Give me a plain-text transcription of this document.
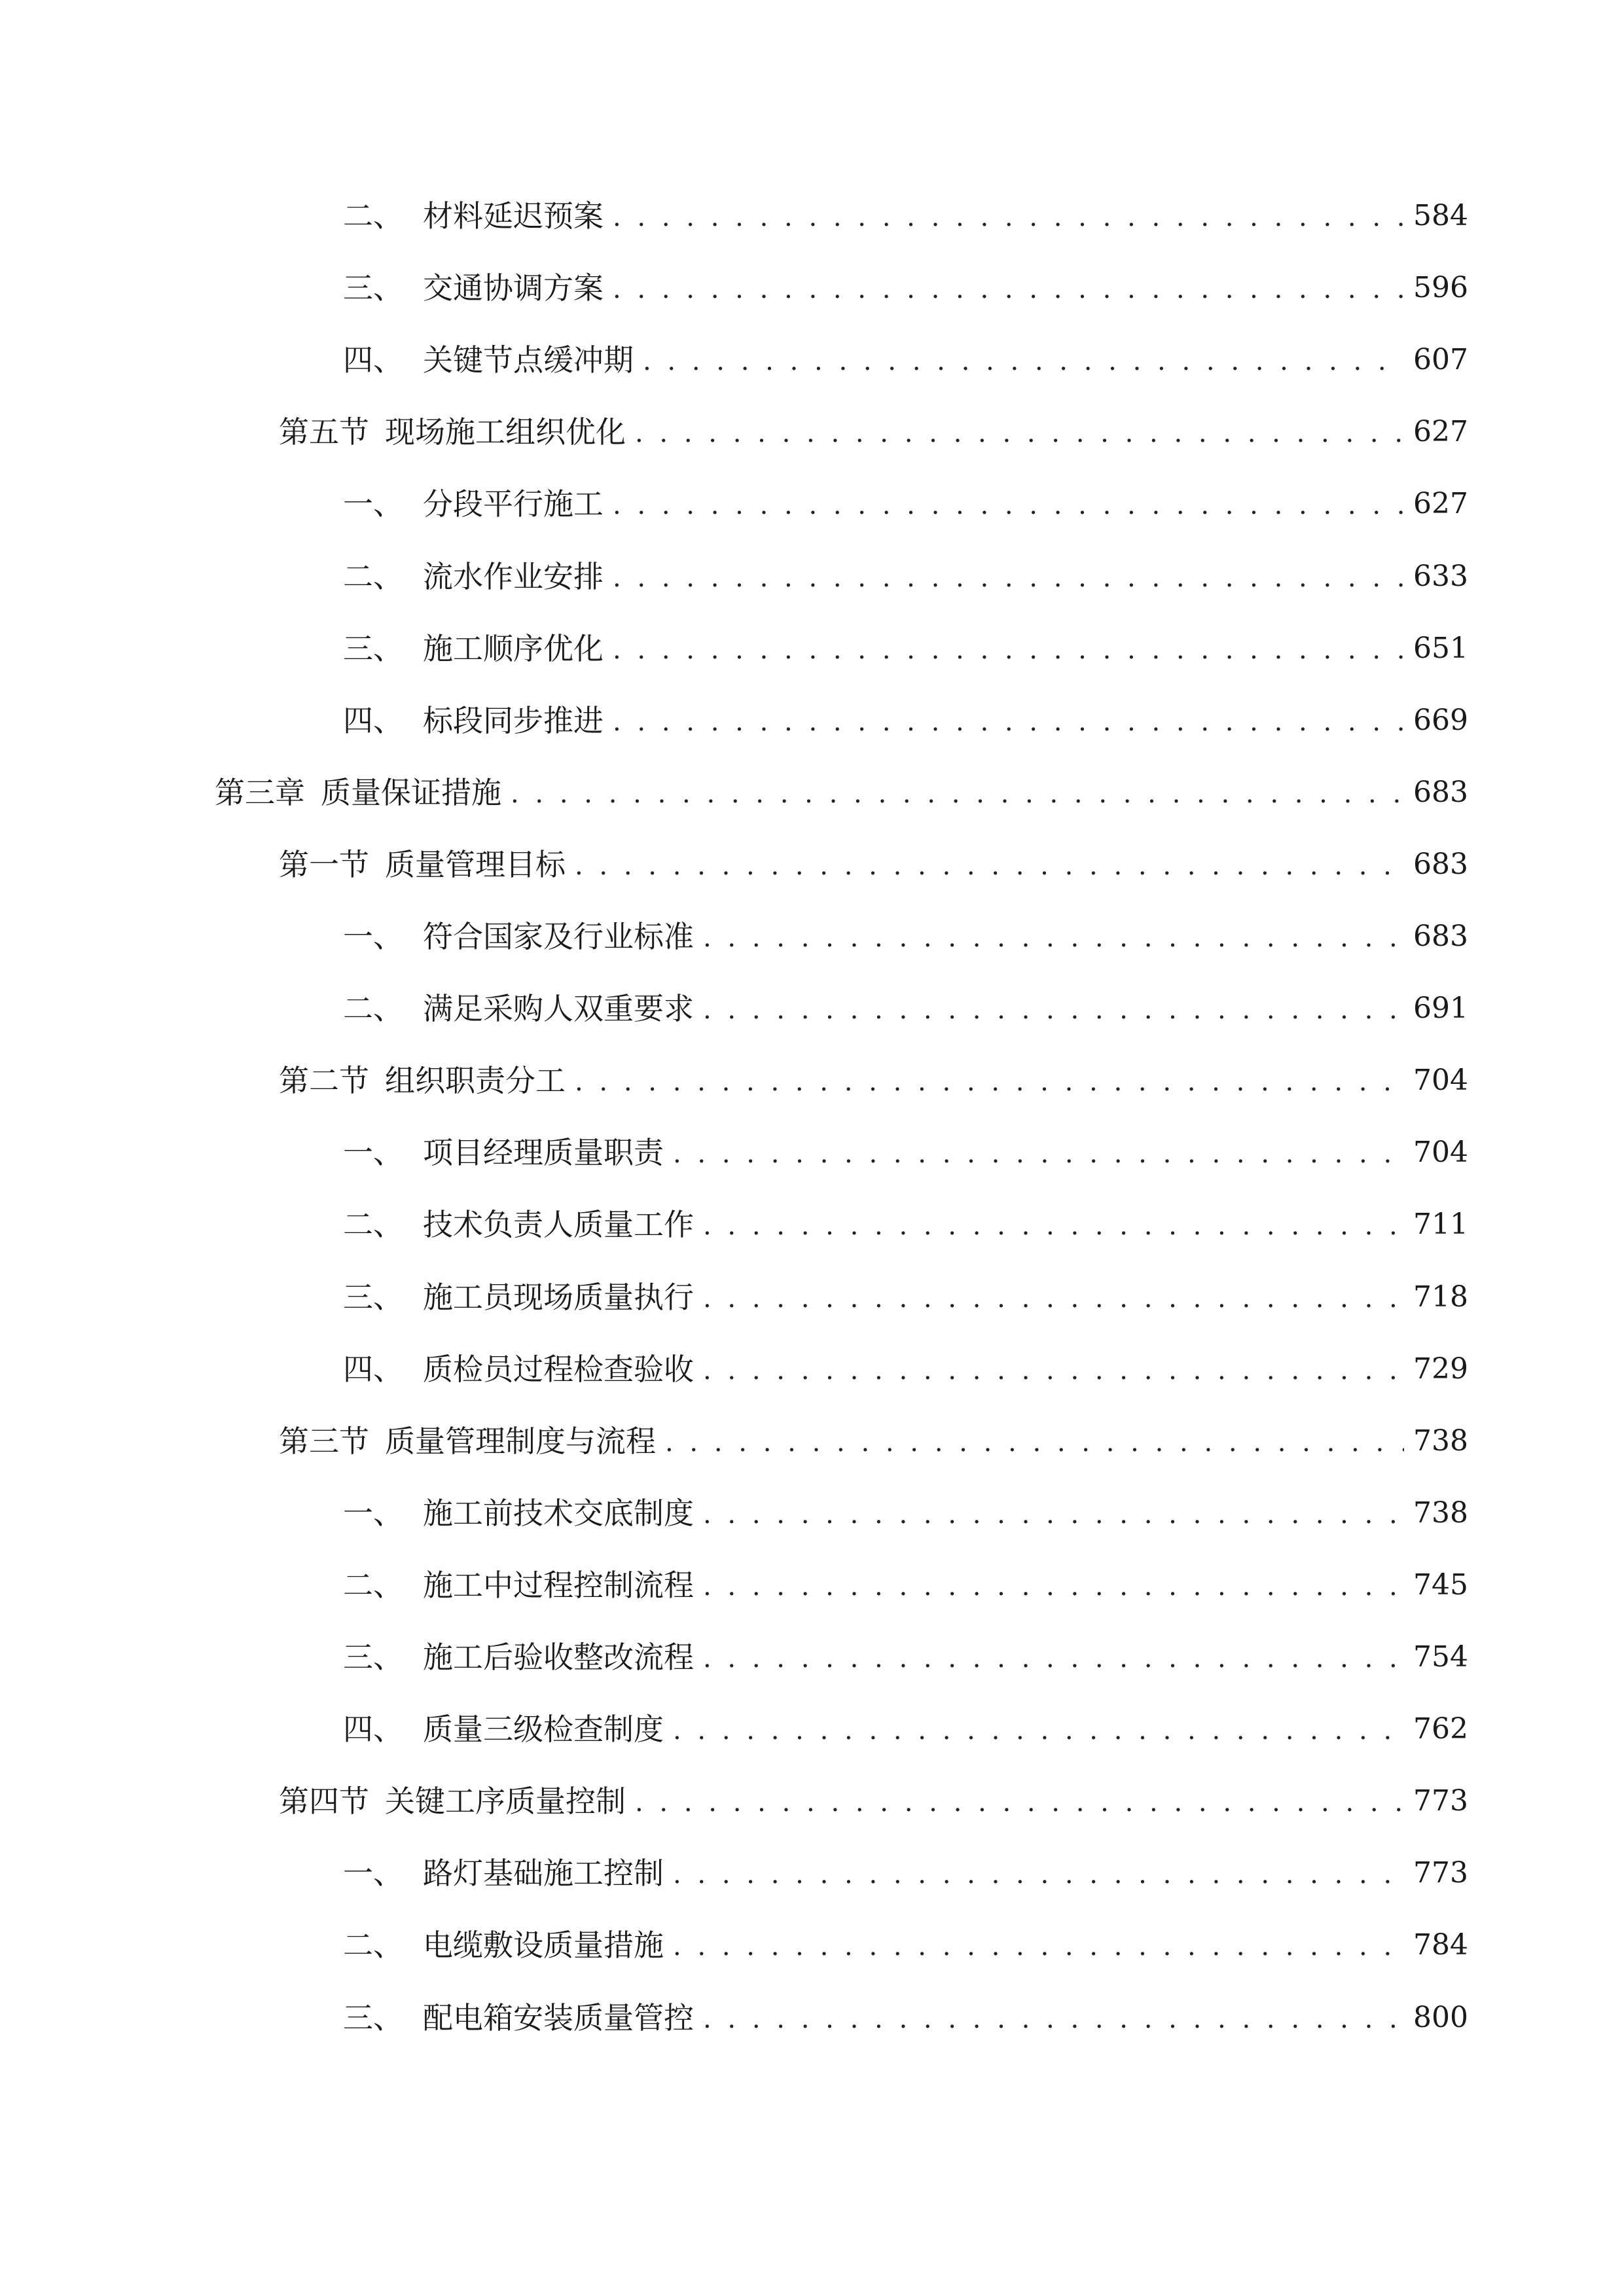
二、 材料延迟预案 . . .	584
三、 交通协调方案 . . .	596
四、 关键节点缓冲期 . . .	607
第五节 现场施工组织优化 . . .	627
一、 分段平行施工 . . .	627
二、 流水作业安排 . . .	633
三、 施工顺序优化 . . .	651
四、 标段同步推进 . . .	669
第三章 质量保证措施 . . .	683
第一节 质量管理目标 . . .	683
一、 符合国家及行业标准 . . .	683
二、 满足采购人双重要求 . . .	691
第二节 组织职责分工 . . .	704
一、 项目经理质量职责 . . .	704
二、 技术负责人质量工作 . . .	711
三、 施工员现场质量执行 . . .	718
四、 质检员过程检查验收 . . .	729
第三节 质量管理制度与流程 . . .	738
一、 施工前技术交底制度 . . .	738
二、 施工中过程控制流程 . . .	745
三、 施工后验收整改流程 . . .	754
四、 质量三级检查制度 . . .	762
第四节 关键工序质量控制 . . .	773
一、 路灯基础施工控制 . . .	773
二、 电缆敷设质量措施 . . .	784
三、 配电箱安装质量管控 . . .	800
